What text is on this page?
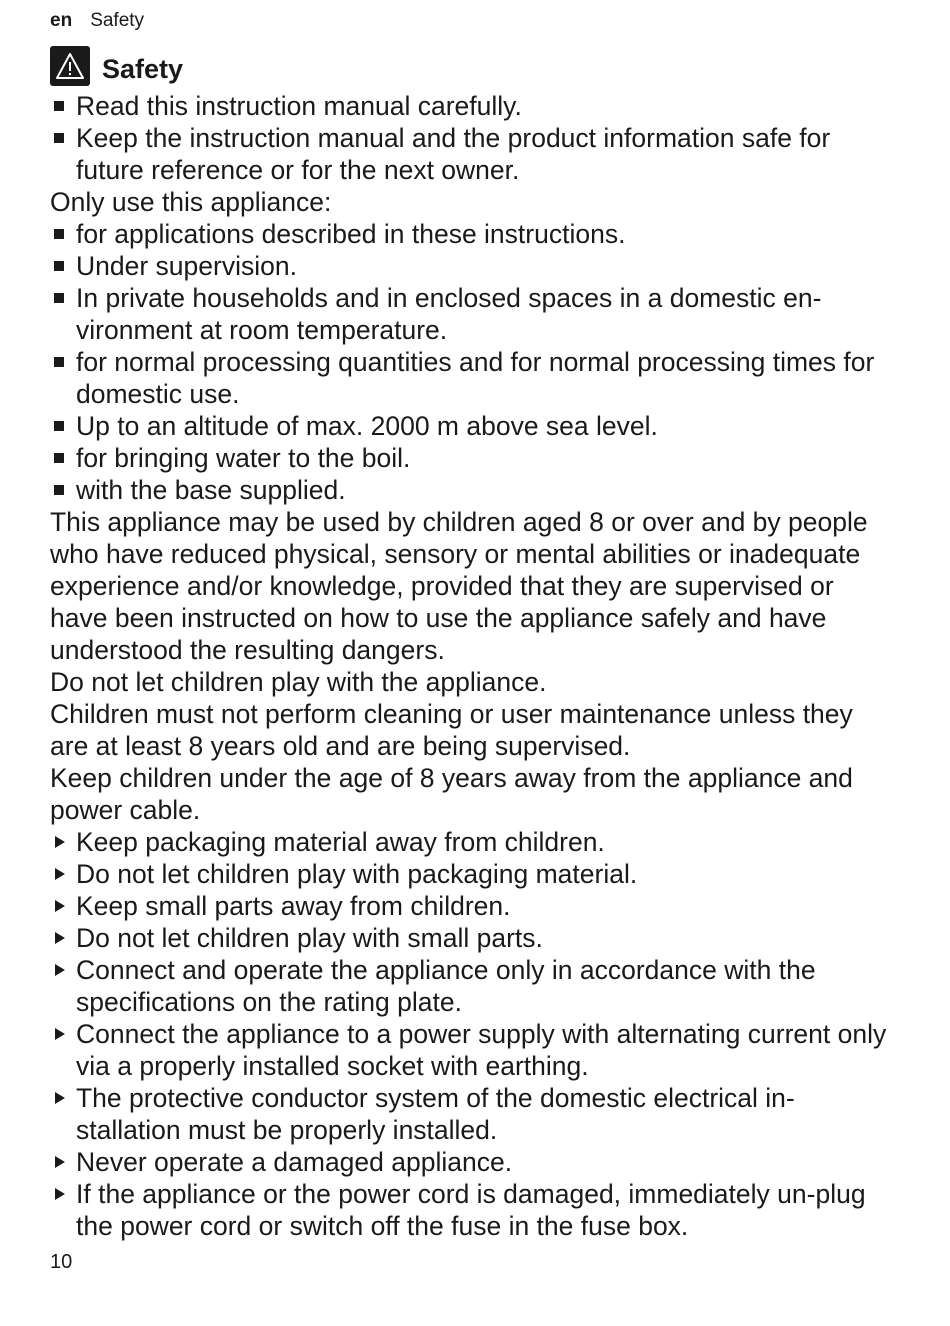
en Safety
Safety
Read this instruction manual carefully.
Keep the instruction manual and the product information safe for future reference or for the next owner.

Only use this appliance:

for applications described in these instructions.
Under supervision.
In private households and in enclosed spaces in a domestic en-vironment at room temperature.
for normal processing quantities and for normal processing times for domestic use.
Up to an altitude of max. 2000 m above sea level.
for bringing water to the boil.
with the base supplied.

This appliance may be used by children aged 8 or over and by people who have reduced physical, sensory or mental abilities or inadequate experience and/or knowledge, provided that they are supervised or have been instructed on how to use the appliance safely and have understood the resulting dangers.

Do not let children play with the appliance.

Children must not perform cleaning or user maintenance unless they are at least 8 years old and are being supervised.

Keep children under the age of 8 years away from the appliance and power cable.

Keep packaging material away from children.
Do not let children play with packaging material.
Keep small parts away from children.
Do not let children play with small parts.
Connect and operate the appliance only in accordance with the specifications on the rating plate.
Connect the appliance to a power supply with alternating current only via a properly installed socket with earthing.
The protective conductor system of the domestic electrical in-stallation must be properly installed.
Never operate a damaged appliance.
If the appliance or the power cord is damaged, immediately un-plug the power cord or switch off the fuse in the fuse box.
10
